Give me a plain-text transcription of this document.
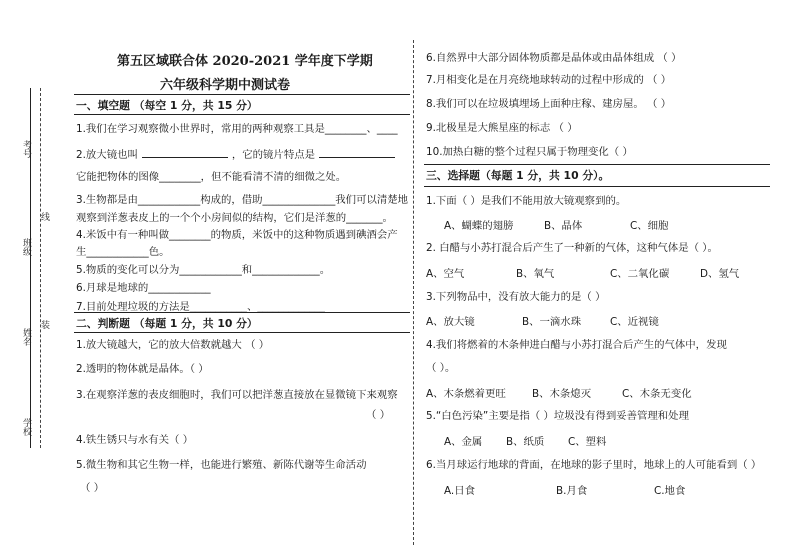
考号
班级
姓名
学校
线
装
第五区域联合体 2020-2021 学年度下学期
六年级科学期中测试卷
一、填空题 （每空 1 分，共 15 分）
1.我们在学习观察微小世界时，常用的两种观察工具是________、____
2.放大镜也叫	，它的镜片特点是
它能把物体的图像________，但不能看清不清的细微之处。
3.生物都是由____________构成的，借助______________我们可以清楚地
观察到洋葱表皮上的一个个小房间似的结构，它们是洋葱的_______。
4.米饭中有一种叫做________的物质，米饭中的这种物质遇到碘酒会产
生____________色。
5.物质的变化可以分为____________和_____________。
6.月球是地球的____________
7.目前处理垃圾的方法是___________、_____________
二、判断题 （每题 1 分，共 10 分）
1.放大镜越大，它的放大倍数就越大 （ ）
2.透明的物体就是晶体。（ ）
3.在观察洋葱的表皮细胞时，我们可以把洋葱直接放在显微镜下来观察
（ ）
4.铁生锈只与水有关（ ）
5.微生物和其它生物一样，也能进行繁殖、新陈代谢等生命活动
（ ）
6.自然界中大部分固体物质都是晶体或由晶体组成 （ ）
7.月相变化是在月亮绕地球转动的过程中形成的 （ ）
8.我们可以在垃圾填埋场上面种庄稼、建房屋。 （ ）
9.北极星是大熊星座的标志 （ ）
10.加热白糖的整个过程只属于物理变化（ ）
三、选择题（每题 1 分，共 10 分）。
1.下面（ ）是我们不能用放大镜观察到的。
A、蝴蝶的翅膀	B、晶体	C、细胞
2. 白醋与小苏打混合后产生了一种新的气体，这种气体是（ ）。
A、空气	B、氧气	C、二氧化碳	D、氢气
3.下列物品中，没有放大能力的是（ ）
A、放大镜	B、一滴水珠	C、近视镜
4.我们将燃着的木条伸进白醋与小苏打混合后产生的气体中，发现
（ ）。
A、木条燃着更旺	B、木条熄灭	C、木条无变化
5.“白色污染”主要是指（ ）垃圾没有得到妥善管理和处理
A、金属 B、纸质 C、塑料
6.当月球运行地球的背面，在地球的影子里时，地球上的人可能看到（ ）
A.日食	B.月食	C.地食
